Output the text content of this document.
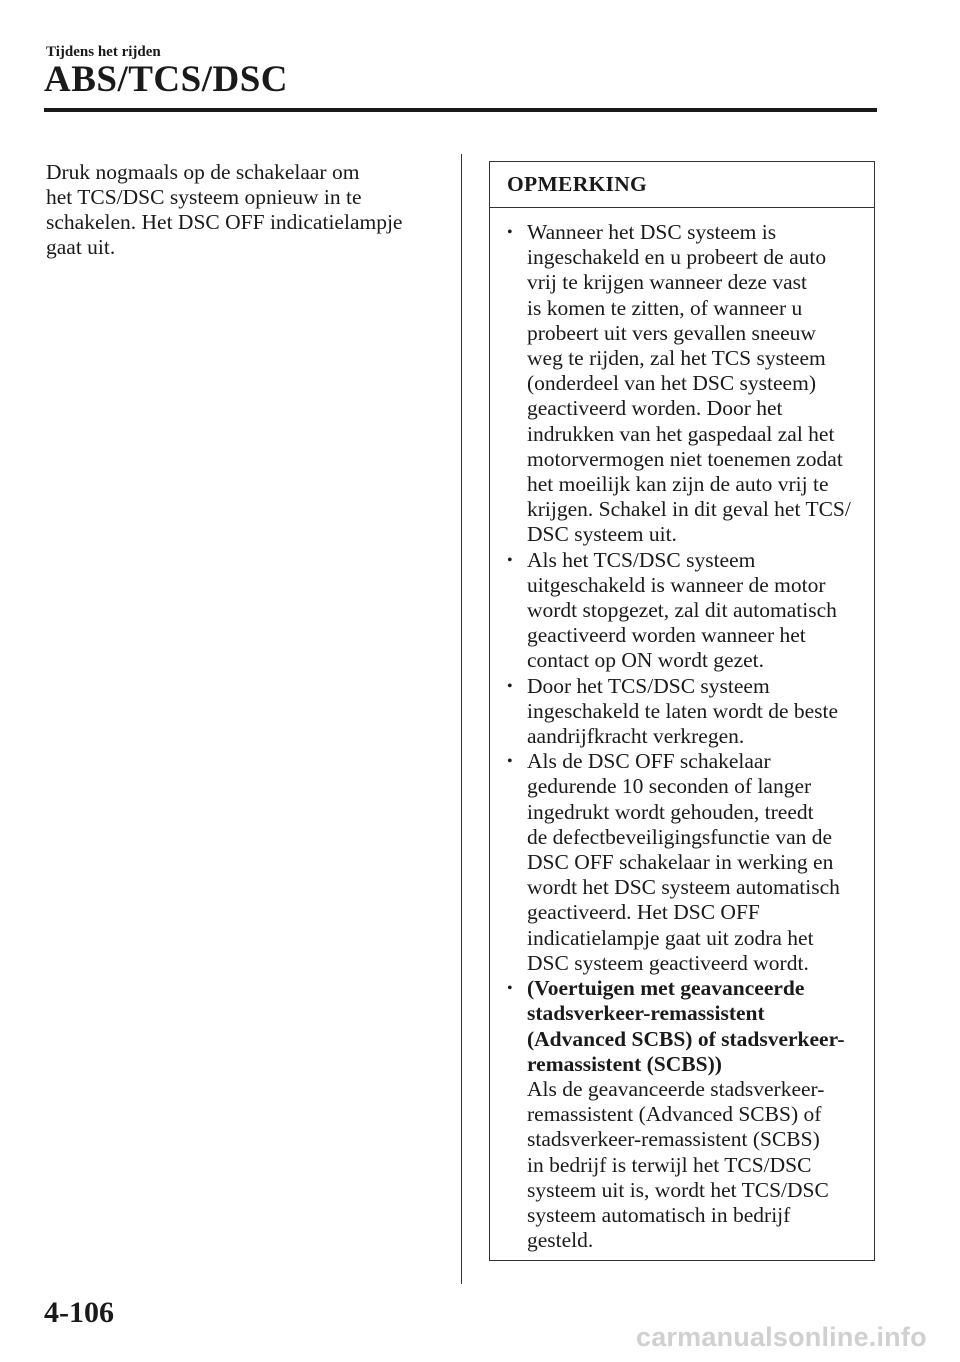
Tijdens het rijden
ABS/TCS/DSC
Druk nogmaals op de schakelaar om
het TCS/DSC systeem opnieuw in te
schakelen. Het DSC OFF indicatielampje
gaat uit.
OPMERKING
• Wanneer het DSC systeem is
ingeschakeld en u probeert de auto
vrij te krijgen wanneer deze vast
is komen te zitten, of wanneer u
probeert uit vers gevallen sneeuw
weg te rijden, zal het TCS systeem
(onderdeel van het DSC systeem)
geactiveerd worden. Door het
indrukken van het gaspedaal zal het
motorvermogen niet toenemen zodat
het moeilijk kan zijn de auto vrij te
krijgen. Schakel in dit geval het TCS/
DSC systeem uit.
• Als het TCS/DSC systeem
uitgeschakeld is wanneer de motor
wordt stopgezet, zal dit automatisch
geactiveerd worden wanneer het
contact op ON wordt gezet.
• Door het TCS/DSC systeem
ingeschakeld te laten wordt de beste
aandrijfkracht verkregen.
• Als de DSC OFF schakelaar
gedurende 10 seconden of langer
ingedrukt wordt gehouden, treedt
de defectbeveiligingsfunctie van de
DSC OFF schakelaar in werking en
wordt het DSC systeem automatisch
geactiveerd. Het DSC OFF
indicatielampje gaat uit zodra het
DSC systeem geactiveerd wordt.
• (Voertuigen met geavanceerde
stadsverkeer-remassistent
(Advanced SCBS) of stadsverkeer-
remassistent (SCBS))
Als de geavanceerde stadsverkeer-
remassistent (Advanced SCBS) of
stadsverkeer-remassistent (SCBS)
in bedrijf is terwijl het TCS/DSC
systeem uit is, wordt het TCS/DSC
systeem automatisch in bedrijf
gesteld.
4-106
carmanualsonline.info
